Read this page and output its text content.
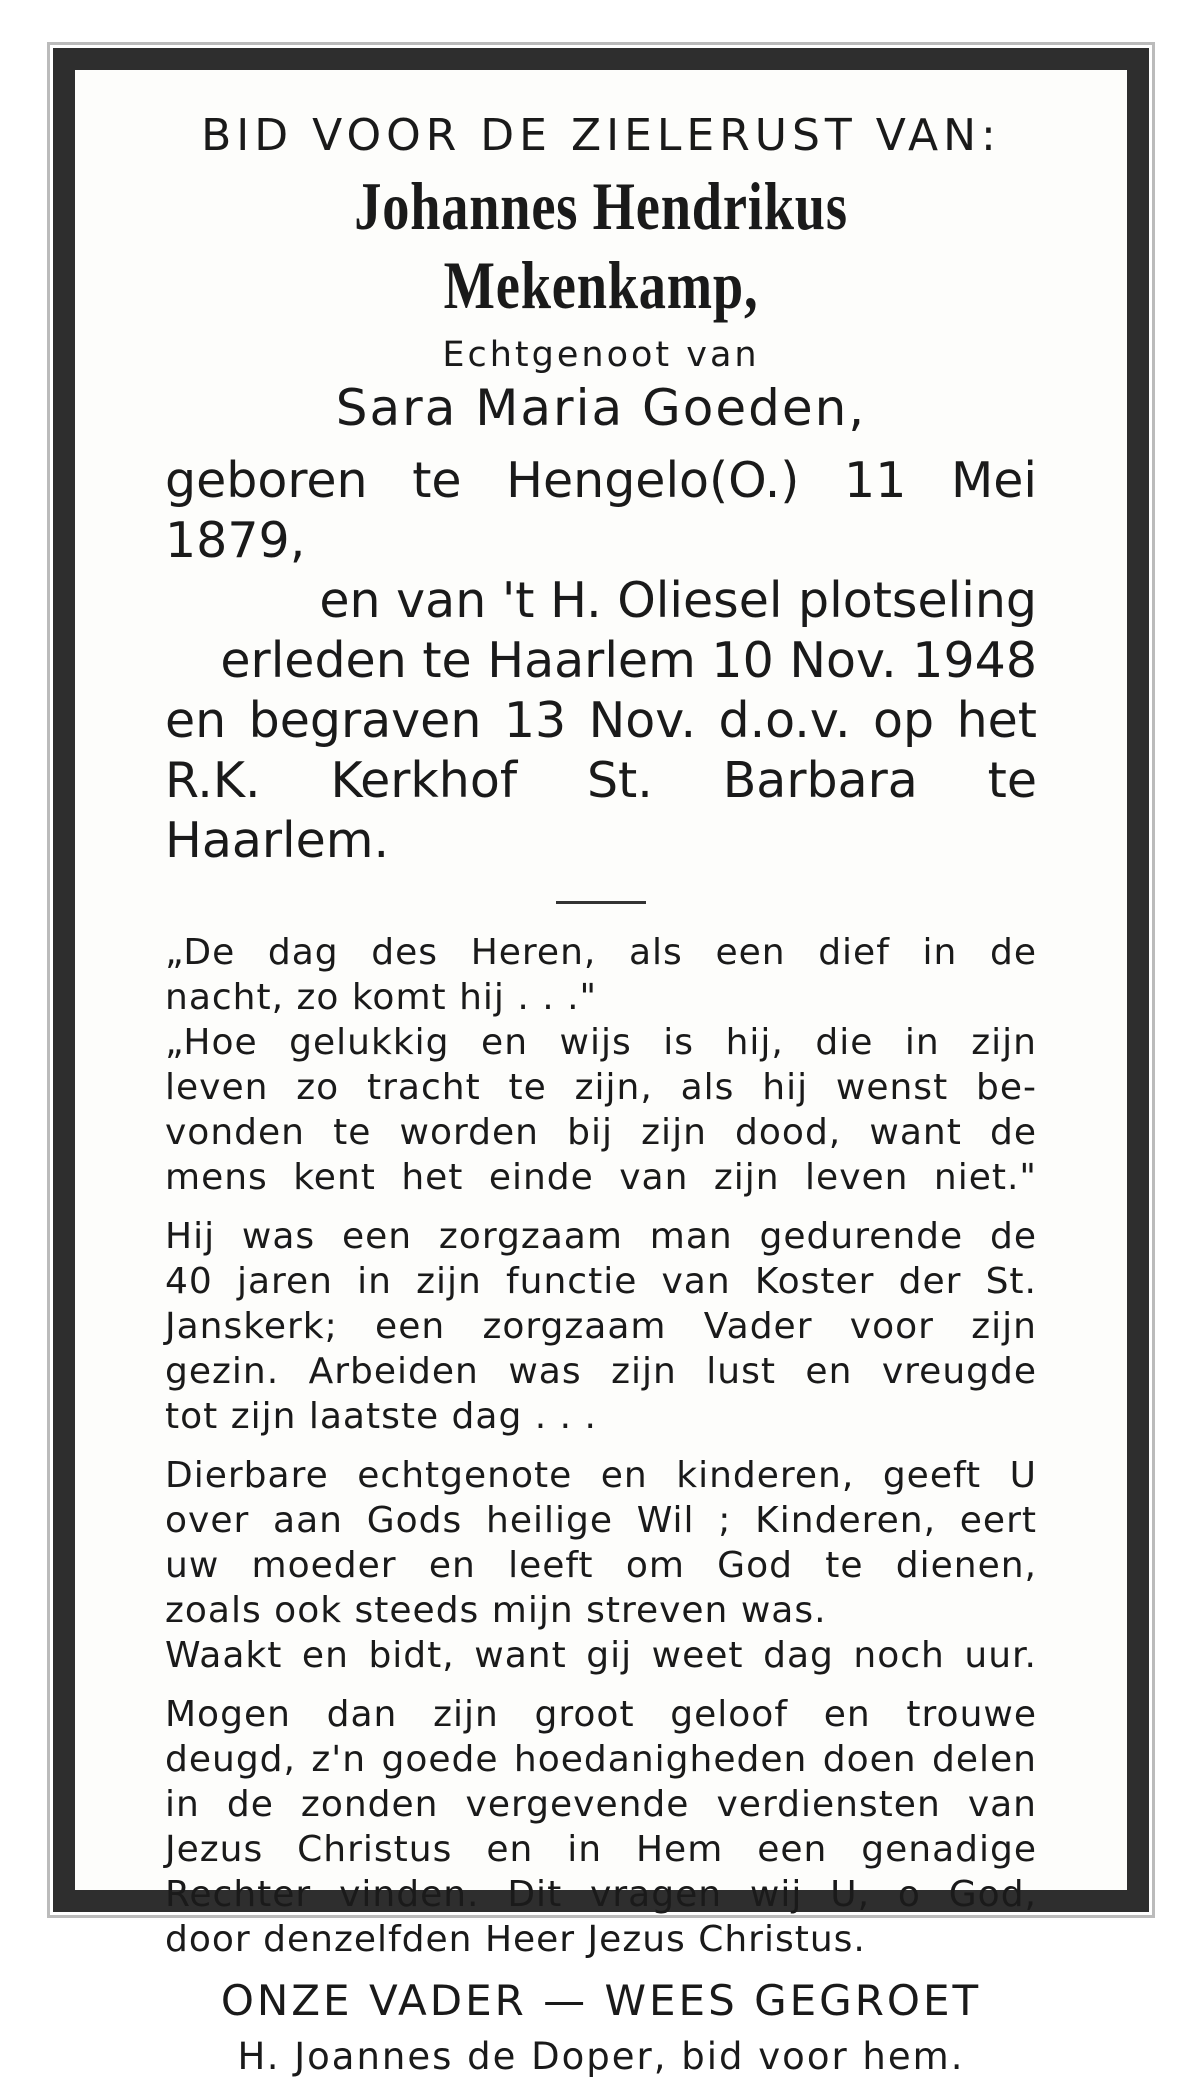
BID VOOR DE ZIELERUST VAN:
Johannes Hendrikus Mekenkamp,
Echtgenoot van
Sara Maria Goeden,

geboren te Hengelo(O.) 11 Mei 1879,

en van 't H. Oliesel plotseling

erleden te Haarlem 10 Nov. 1948

en begraven 13 Nov. d.o.v. op het

R.K. Kerkhof St. Barbara te Haarlem.

„De dag des Heren, als een dief in de

nacht, zo komt hij . . ."

„Hoe gelukkig en wijs is hij, die in zijn

leven zo tracht te zijn, als hij wenst be-

vonden te worden bij zijn dood, want de

mens kent het einde van zijn leven niet."

Hij was een zorgzaam man gedurende de

40 jaren in zijn functie van Koster der St.

Janskerk; een zorgzaam Vader voor zijn

gezin. Arbeiden was zijn lust en vreugde

tot zijn laatste dag . . .

Dierbare echtgenote en kinderen, geeft U

over aan Gods heilige Wil ; Kinderen, eert

uw moeder en leeft om God te dienen,

zoals ook steeds mijn streven was.

Waakt en bidt, want gij weet dag noch uur.

Mogen dan zijn groot geloof en trouwe

deugd, z'n goede hoedanigheden doen delen

in de zonden vergevende verdiensten van

Jezus Christus en in Hem een genadige

Rechter vinden. Dit vragen wij U, o God,

door denzelfden Heer Jezus Christus.

ONZE VADER — WEES GEGROET
H. Joannes de Doper, bid voor hem.
